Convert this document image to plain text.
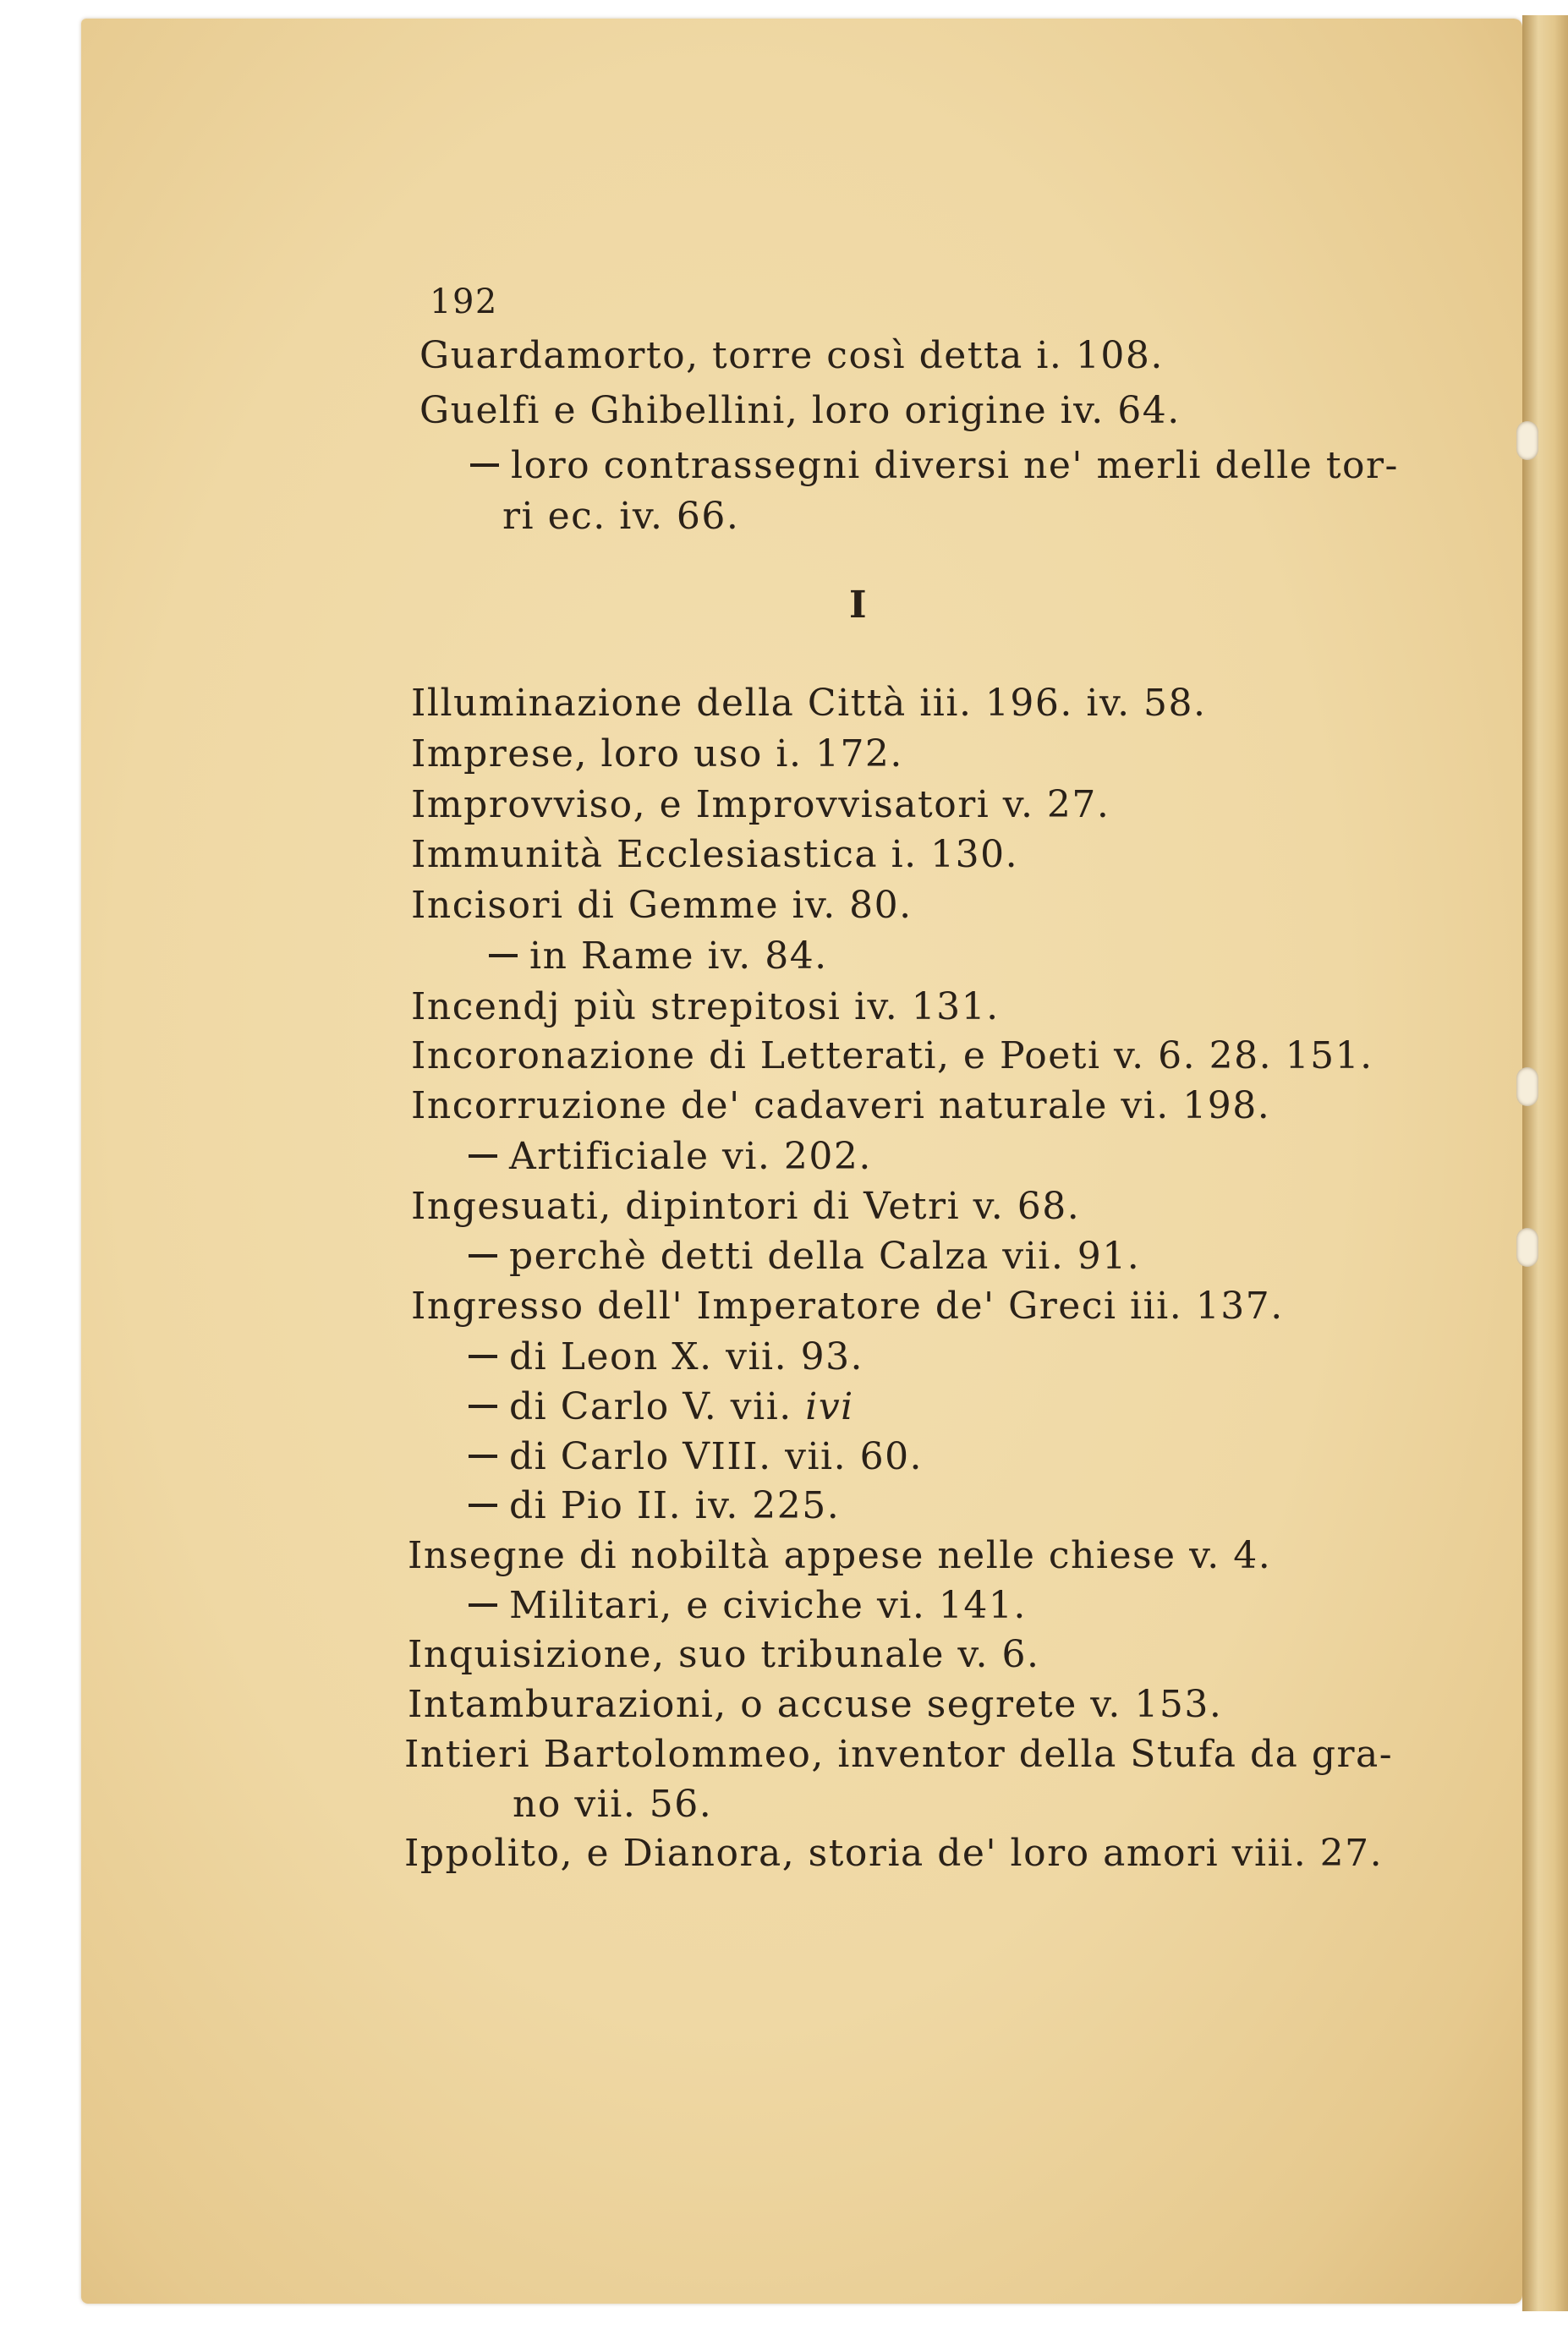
192
Guardamorto, torre così detta i. 108.
Guelfi e Ghibellini, loro origine iv. 64.
loro contrassegni diversi ne' merli delle tor-
ri ec. iv. 66.
I
Illuminazione della Città iii. 196. iv. 58.
Imprese, loro uso i. 172.
Improvviso, e Improvvisatori v. 27.
Immunità Ecclesiastica i. 130.
Incisori di Gemme iv. 80.
in Rame iv. 84.
Incendj più strepitosi iv. 131.
Incoronazione di Letterati, e Poeti v. 6. 28. 151.
Incorruzione de' cadaveri naturale vi. 198.
Artificiale vi. 202.
Ingesuati, dipintori di Vetri v. 68.
perchè detti della Calza vii. 91.
Ingresso dell' Imperatore de' Greci iii. 137.
di Leon X. vii. 93.
di Carlo V. vii. ivi
di Carlo VIII. vii. 60.
di Pio II. iv. 225.
Insegne di nobiltà appese nelle chiese v. 4.
Militari, e civiche vi. 141.
Inquisizione, suo tribunale v. 6.
Intamburazioni, o accuse segrete v. 153.
Intieri Bartolommeo, inventor della Stufa da gra-
no vii. 56.
Ippolito, e Dianora, storia de' loro amori viii. 27.
